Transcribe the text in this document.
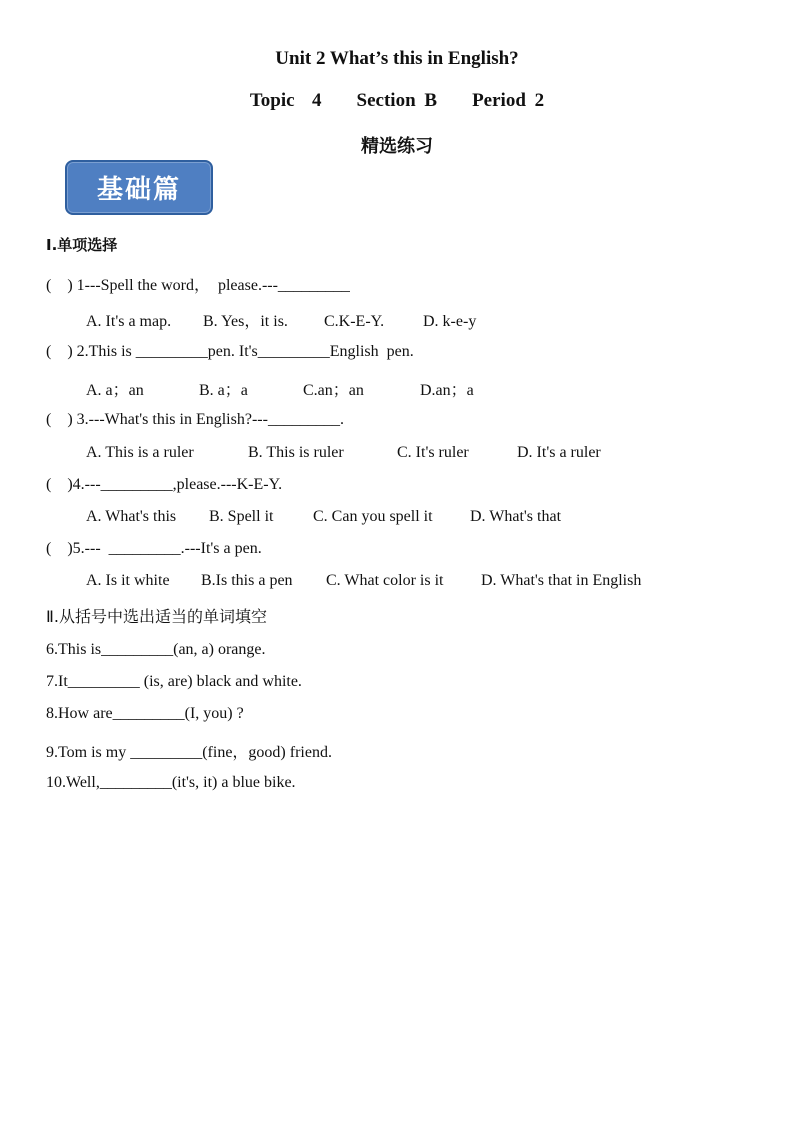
Unit 2 What’s this in English?
Topic  4    Section B    Period 2
精选练习
基础篇
I.单项选择
(    ) 1---Spell the word，  please.---_________
A. It's a map. B. Yes，it is. C.K-E-Y. D. k-e-y
(    ) 2.This is _________pen. It's_________English  pen.
A. a；an	B. a；a	C.an；an	D.an；a
(    ) 3.---What's this in English?---_________.
A. This is a ruler	B. This is ruler	C. It's ruler	D. It's a ruler
(    )4.---_________,please.---K-E-Y.
A. What's this B. Spell it C. Can you spell it D. What's that
(    )5.---  _________.---It's a pen.
A. Is it white B.Is this a pen C. What color is it D. What's that in English
Ⅱ.从括号中选出适当的单词填空
6.This is_________(an, a) orange.
7.It_________ (is, are) black and white.
8.How are_________(I, you) ?
9.Tom is my _________(fine，good) friend.
10.Well,_________(it's, it) a blue bike.
